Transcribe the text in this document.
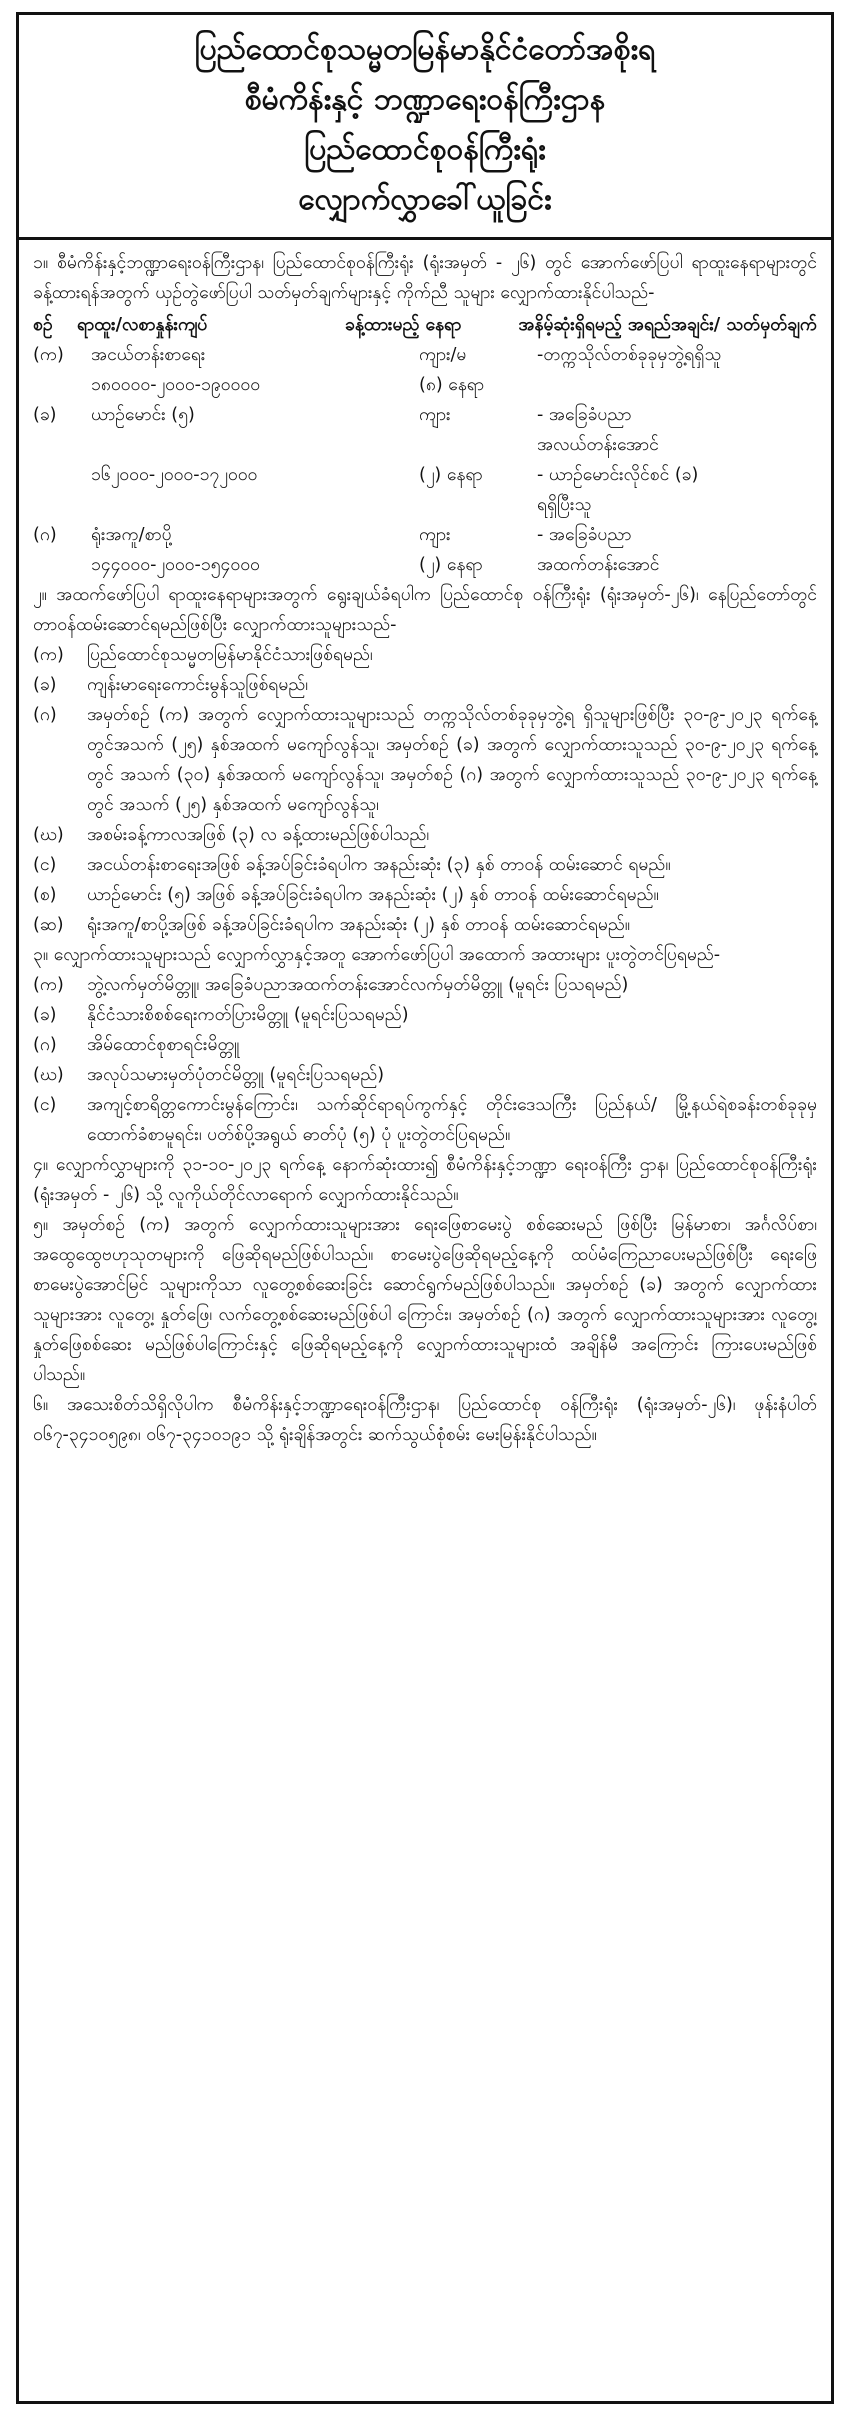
ပြည်ထောင်စုသမ္မတမြန်မာနိုင်ငံတော်အစိုးရ
စီမံကိန်းနှင့် ဘဏ္ဍာရေးဝန်ကြီးဌာန
ပြည်ထောင်စုဝန်ကြီးရုံး
လျှောက်လွှာခေါ်ယူခြင်း

၁။ စီမံကိန်းနှင့်ဘဏ္ဍာရေးဝန်ကြီးဌာန၊ ပြည်ထောင်စုဝန်ကြီးရုံး (ရုံးအမှတ် - ၂၆) တွင် အောက်ဖော်ပြပါ ရာထူးနေရာများတွင် ခန့်ထားရန်အတွက် ယှဉ်တွဲဖော်ပြပါ သတ်မှတ်ချက်များနှင့် ကိုက်ညီ သူများ လျှောက်ထားနိုင်ပါသည်-

စဉ်	ရာထူး/လစာနှုန်းကျပ်	ခန့်ထားမည့် နေရာ	အနိမ့်ဆုံးရှိရမည့် အရည်အချင်း/ သတ်မှတ်ချက်
(က)	အငယ်တန်းစာရေး	ကျား/မ	-တက္ကသိုလ်တစ်ခုခုမှဘွဲ့ရရှိသူ
၁၈၀၀၀၀-၂၀၀၀-၁၉၀၀၀၀	(၈) နေရာ
(ခ)	ယာဉ်မောင်း (၅)	ကျား	- အခြေခံပညာ
အလယ်တန်းအောင်
၁၆၂၀၀၀-၂၀၀၀-၁၇၂၀၀၀	(၂) နေရာ	- ယာဉ်မောင်းလိုင်စင် (ခ)
ရရှိပြီးသူ
(ဂ)	ရုံးအကူ/စာပို့	ကျား	- အခြေခံပညာ
၁၄၄၀၀၀-၂၀၀၀-၁၅၄၀၀၀	(၂) နေရာ	အထက်တန်းအောင်

၂။ အထက်ဖော်ပြပါ ရာထူးနေရာများအတွက် ရွေးချယ်ခံရပါက ပြည်ထောင်စု ဝန်ကြီးရုံး (ရုံးအမှတ်-၂၆)၊ နေပြည်တော်တွင် တာဝန်ထမ်းဆောင်ရမည်ဖြစ်ပြီး လျှောက်ထားသူများသည်-

(က)	ပြည်ထောင်စုသမ္မတမြန်မာနိုင်ငံသားဖြစ်ရမည်၊
(ခ)	ကျန်းမာရေးကောင်းမွန်သူဖြစ်ရမည်၊
(ဂ)	အမှတ်စဉ် (က) အတွက် လျှောက်ထားသူများသည် တက္ကသိုလ်တစ်ခုခုမှဘွဲ့ရ ရှိသူများဖြစ်ပြီး ၃၀-၉-၂၀၂၃ ရက်နေ့တွင်အသက် (၂၅) နှစ်အထက် မကျော်လွန်သူ၊ အမှတ်စဉ် (ခ) အတွက် လျှောက်ထားသူသည် ၃၀-၉-၂၀၂၃ ရက်နေ့တွင် အသက် (၃၀) နှစ်အထက် မကျော်လွန်သူ၊ အမှတ်စဉ် (ဂ) အတွက် လျှောက်ထားသူသည် ၃၀-၉-၂၀၂၃ ရက်နေ့တွင် အသက် (၂၅) နှစ်အထက် မကျော်လွန်သူ၊
(ဃ)	အစမ်းခန့်ကာလအဖြစ် (၃) လ ခန့်ထားမည်ဖြစ်ပါသည်၊
(င)	အငယ်တန်းစာရေးအဖြစ် ခန့်အပ်ခြင်းခံရပါက အနည်းဆုံး (၃) နှစ် တာဝန် ထမ်းဆောင် ရမည်။
(စ)	ယာဉ်မောင်း (၅) အဖြစ် ခန့်အပ်ခြင်းခံရပါက အနည်းဆုံး (၂) နှစ် တာဝန် ထမ်းဆောင်ရမည်။
(ဆ)	ရုံးအကူ/စာပို့အဖြစ် ခန့်အပ်ခြင်းခံရပါက အနည်းဆုံး (၂) နှစ် တာဝန် ထမ်းဆောင်ရမည်။

၃။ လျှောက်ထားသူများသည် လျှောက်လွှာနှင့်အတူ အောက်ဖော်ပြပါ အထောက် အထားများ ပူးတွဲတင်ပြရမည်-

(က)	ဘွဲ့လက်မှတ်မိတ္တူ၊ အခြေခံပညာအထက်တန်းအောင်လက်မှတ်မိတ္တူ (မူရင်း ပြသရမည်)
(ခ)	နိုင်ငံသားစိစစ်ရေးကတ်ပြားမိတ္တူ (မူရင်းပြသရမည်)
(ဂ)	အိမ်ထောင်စုစာရင်းမိတ္တူ
(ဃ)	အလုပ်သမားမှတ်ပုံတင်မိတ္တူ (မူရင်းပြသရမည်)
(င)	အကျင့်စာရိတ္တကောင်းမွန်ကြောင်း၊ သက်ဆိုင်ရာရပ်ကွက်နှင့် တိုင်းဒေသကြီး ပြည်နယ်/ မြို့နယ်ရဲစခန်းတစ်ခုခုမှ ထောက်ခံစာမူရင်း၊ ပတ်စ်ပို့အရွယ် ဓာတ်ပုံ (၅) ပုံ ပူးတွဲတင်ပြရမည်။

၄။ လျှောက်လွှာများကို ၃၁-၁၀-၂၀၂၃ ရက်နေ့ နောက်ဆုံးထား၍ စီမံကိန်းနှင့်ဘဏ္ဍာ ရေးဝန်ကြီး ဌာန၊ ပြည်ထောင်စုဝန်ကြီးရုံး (ရုံးအမှတ် - ၂၆) သို့ လူကိုယ်တိုင်လာရောက် လျှောက်ထားနိုင်သည်။

၅။ အမှတ်စဉ် (က) အတွက် လျှောက်ထားသူများအား ရေးဖြေစာမေးပွဲ စစ်ဆေးမည် ဖြစ်ပြီး မြန်မာစာ၊ အင်္ဂလိပ်စာ၊ အထွေထွေဗဟုသုတများကို ဖြေဆိုရမည်ဖြစ်ပါသည်။ စာမေးပွဲဖြေဆိုရမည့်နေ့ကို ထပ်မံကြေညာပေးမည်ဖြစ်ပြီး ရေးဖြေစာမေးပွဲအောင်မြင် သူများကိုသာ လူတွေ့စစ်ဆေးခြင်း ဆောင်ရွက်မည်ဖြစ်ပါသည်။ အမှတ်စဉ် (ခ) အတွက် လျှောက်ထားသူများအား လူတွေ့၊ နှုတ်ဖြေ၊ လက်တွေ့စစ်ဆေးမည်ဖြစ်ပါ ကြောင်း၊ အမှတ်စဉ် (ဂ) အတွက် လျှောက်ထားသူများအား လူတွေ့၊ နှုတ်ဖြေစစ်ဆေး မည်ဖြစ်ပါကြောင်းနှင့် ဖြေဆိုရမည့်နေ့ကို လျှောက်ထားသူများထံ အချိန်မီ အကြောင်း ကြားပေးမည်ဖြစ်ပါသည်။

၆။ အသေးစိတ်သိရှိလိုပါက စီမံကိန်းနှင့်ဘဏ္ဍာရေးဝန်ကြီးဌာန၊ ပြည်ထောင်စု ဝန်ကြီးရုံး (ရုံးအမှတ်-၂၆)၊ ဖုန်းနံပါတ် ၀၆၇-၃၄၁၀၅၉၈၊ ၀၆၇-၃၄၁၀၁၉၁ သို့ ရုံးချိန်အတွင်း ဆက်သွယ်စုံစမ်း မေးမြန်းနိုင်ပါသည်။
